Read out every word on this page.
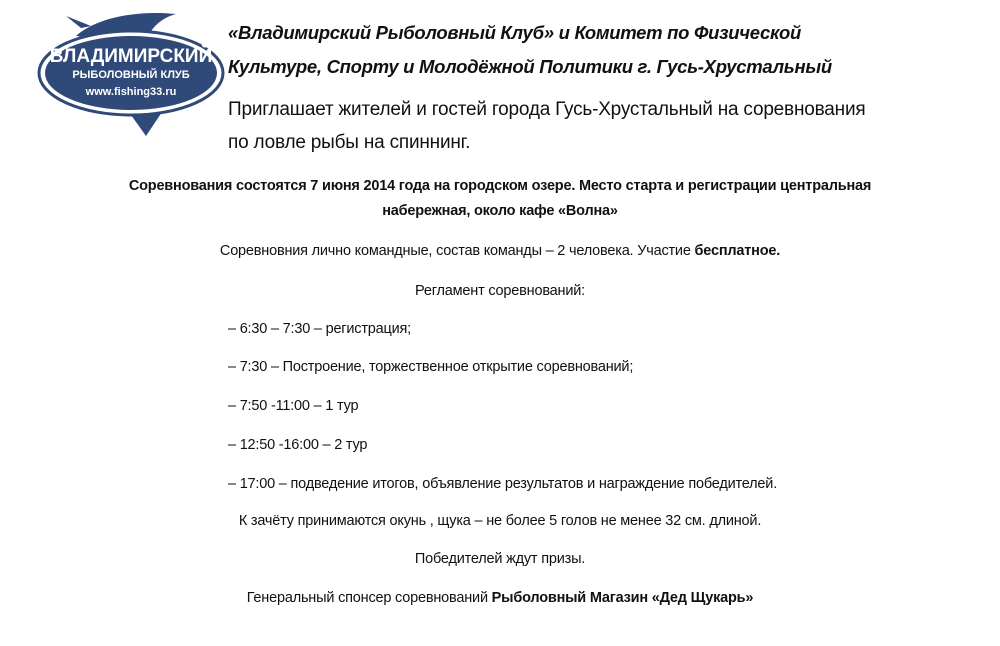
ВЛАДИМИРСКИЙ
РЫБОЛОВНЫЙ КЛУБ
www.fishing33.ru
«Владимирский Рыболовный Клуб» и Комитет по Физической
Культуре, Спорту и Молодёжной Политики г. Гусь-Хрустальный
Приглашает жителей и гостей города Гусь-Хрустальный на соревнования
по ловле рыбы на спиннинг.
Соревнования состоятся 7 июня 2014 года на городском озере. Место старта и регистрации центральная
набережная, около кафе «Волна»
Соревновния лично командные, состав команды – 2 человека. Участие бесплатное.
Регламент соревнований:
– 6:30 – 7:30 – регистрация;
– 7:30 – Построение, торжественное открытие соревнований;
– 7:50 -11:00 – 1 тур
– 12:50 -16:00 – 2 тур
– 17:00 – подведение итогов, объявление результатов и награждение победителей.
К зачёту принимаются окунь , щука – не более 5 голов не менее 32 см. длиной.
Победителей ждут призы.
Генеральный спонсер соревнований Рыболовный Магазин «Дед Щукарь»
